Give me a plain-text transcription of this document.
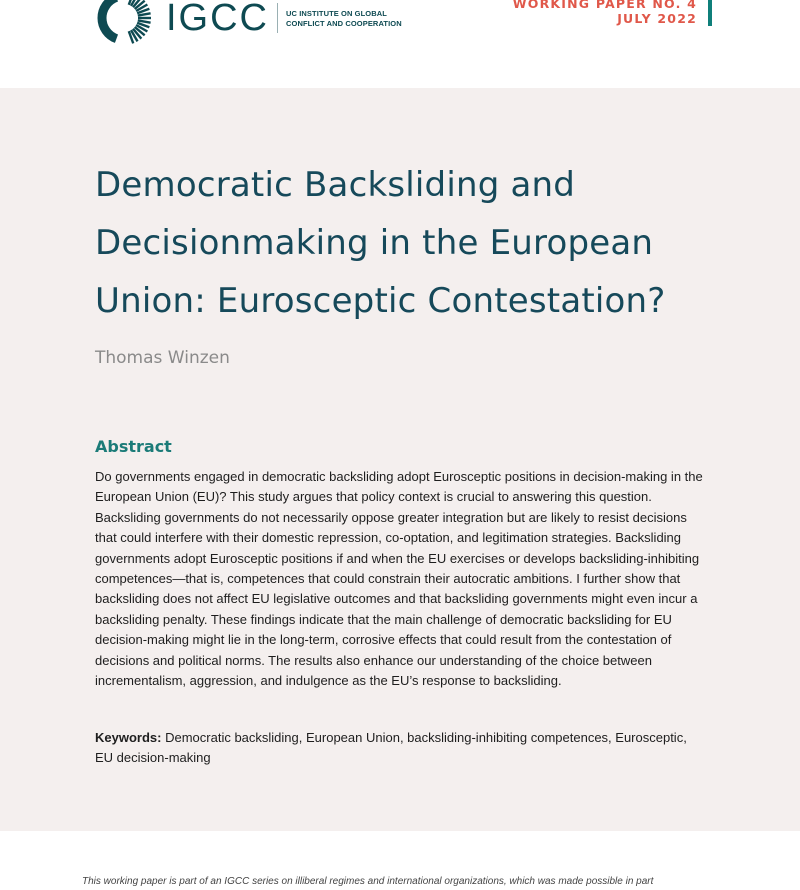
IGCC UC INSTITUTE ON GLOBAL
CONFLICT AND COOPERATION
WORKING PAPER NO. 4
JULY 2022
Democratic Backsliding and Decisionmaking in the European Union: Eurosceptic Contestation?

Thomas Winzen

Abstract

Do governments engaged in democratic backsliding adopt Eurosceptic positions in decision-making in the European Union (EU)? This study argues that policy context is crucial to answering this question. Backsliding governments do not necessarily oppose greater integration but are likely to resist decisions that could interfere with their domestic repression, co-optation, and legitimation strategies. Backsliding governments adopt Eurosceptic positions if and when the EU exercises or develops backsliding-inhibiting competences—that is, competences that could constrain their autocratic ambitions. I further show that backsliding does not affect EU legislative outcomes and that backsliding governments might even incur a backsliding penalty. These findings indicate that the main challenge of democratic backsliding for EU decision-making might lie in the long-term, corrosive effects that could result from the contestation of decisions and political norms. The results also enhance our understanding of the choice between incrementalism, aggression, and indulgence as the EU’s response to backsliding.

Keywords: Democratic backsliding, European Union, backsliding-inhibiting competences, Eurosceptic, EU decision-making

This working paper is part of an IGCC series on illiberal regimes and international organizations, which was made possible in part
